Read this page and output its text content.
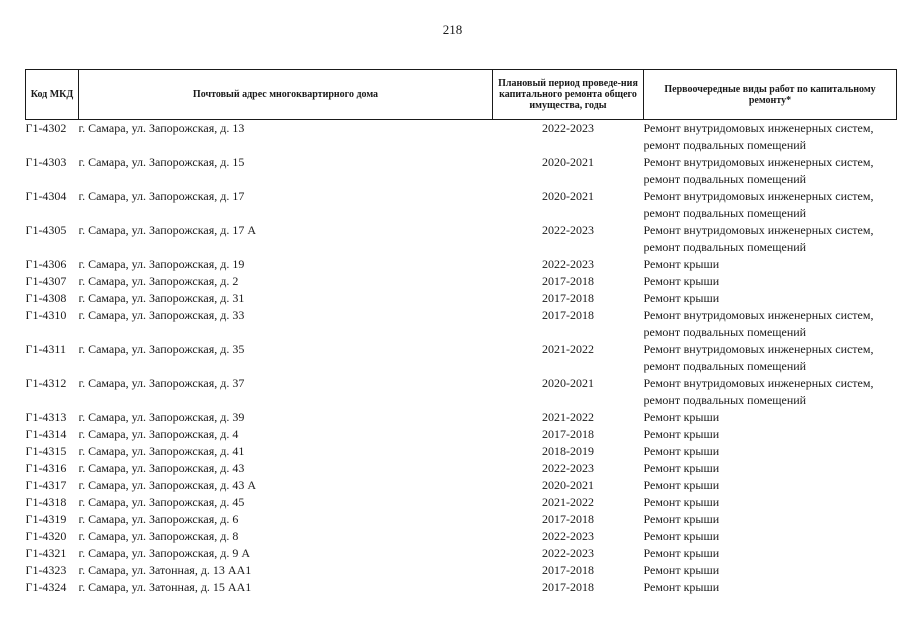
218
Код МКД	Почтовый адрес многоквартирного дома	Плановый период проведе-ния капитального ремонта общего имущества, годы	Первоочередные виды работ по капитальному ремонту*
Г1-4302	г. Самара, ул. Запорожская, д. 13	2022-2023	Ремонт внутридомовых инженерных систем,
ремонт подвальных помещений

Г1-4303	г. Самара, ул. Запорожская, д. 15	2020-2021	Ремонт внутридомовых инженерных систем,
ремонт подвальных помещений

Г1-4304	г. Самара, ул. Запорожская, д. 17	2020-2021	Ремонт внутридомовых инженерных систем,
ремонт подвальных помещений

Г1-4305	г. Самара, ул. Запорожская, д. 17 А	2022-2023	Ремонт внутридомовых инженерных систем,
ремонт подвальных помещений

Г1-4306	г. Самара, ул. Запорожская, д. 19	2022-2023	Ремонт крыши

Г1-4307	г. Самара, ул. Запорожская, д. 2	2017-2018	Ремонт крыши

Г1-4308	г. Самара, ул. Запорожская, д. 31	2017-2018	Ремонт крыши

Г1-4310	г. Самара, ул. Запорожская, д. 33	2017-2018	Ремонт внутридомовых инженерных систем,
ремонт подвальных помещений

Г1-4311	г. Самара, ул. Запорожская, д. 35	2021-2022	Ремонт внутридомовых инженерных систем,
ремонт подвальных помещений

Г1-4312	г. Самара, ул. Запорожская, д. 37	2020-2021	Ремонт внутридомовых инженерных систем,
ремонт подвальных помещений

Г1-4313	г. Самара, ул. Запорожская, д. 39	2021-2022	Ремонт крыши

Г1-4314	г. Самара, ул. Запорожская, д. 4	2017-2018	Ремонт крыши

Г1-4315	г. Самара, ул. Запорожская, д. 41	2018-2019	Ремонт крыши

Г1-4316	г. Самара, ул. Запорожская, д. 43	2022-2023	Ремонт крыши

Г1-4317	г. Самара, ул. Запорожская, д. 43 А	2020-2021	Ремонт крыши

Г1-4318	г. Самара, ул. Запорожская, д. 45	2021-2022	Ремонт крыши

Г1-4319	г. Самара, ул. Запорожская, д. 6	2017-2018	Ремонт крыши

Г1-4320	г. Самара, ул. Запорожская, д. 8	2022-2023	Ремонт крыши

Г1-4321	г. Самара, ул. Запорожская, д. 9 А	2022-2023	Ремонт крыши

Г1-4323	г. Самара, ул. Затонная, д. 13 АА1	2017-2018	Ремонт крыши

Г1-4324	г. Самара, ул. Затонная, д. 15 АА1	2017-2018	Ремонт крыши
